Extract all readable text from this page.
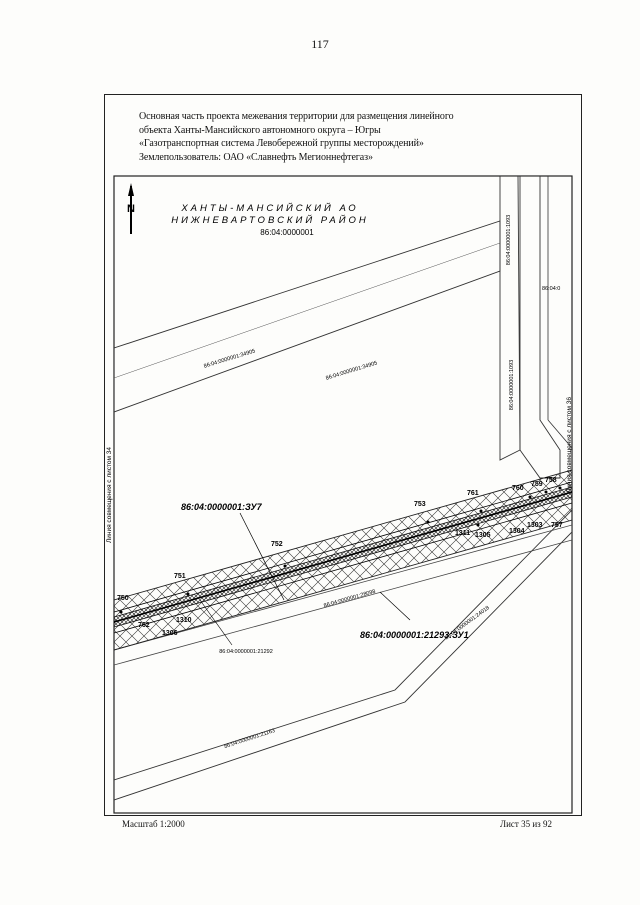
117
Основная часть проекта межевания территории для размещения линейного
объекта Ханты-Мансийского автономного округа – Югры
«Газотранспортная система Левобережной группы месторождений»
Землепользователь: ОАО «Славнефть Мегионнефтегаз»
N	ХАНТЫ-МАНСИЙСКИЙ АО
НИЖНЕВАРТОВСКИЙ РАЙОН
86:04:0000001
Линия совмещения с листом 34
Линия совмещения с листом 36
86:04:0000001:34905
86:04:0000001:34905
86:04:0000001:1093
86:04:0000001:1093
86:04:0
86:04:0000001:28098
86:04:0000001:21292
86:04:0000001:24018
86:04:0000001:21163
86:04:0000001:ЗУ7
86:04:0000001:21293:ЗУ1
750
751
752
753
757
758
759
760
761
762
1303
1304
1305
1306
1310
1311
Масштаб 1:2000	Лист 35 из 92
